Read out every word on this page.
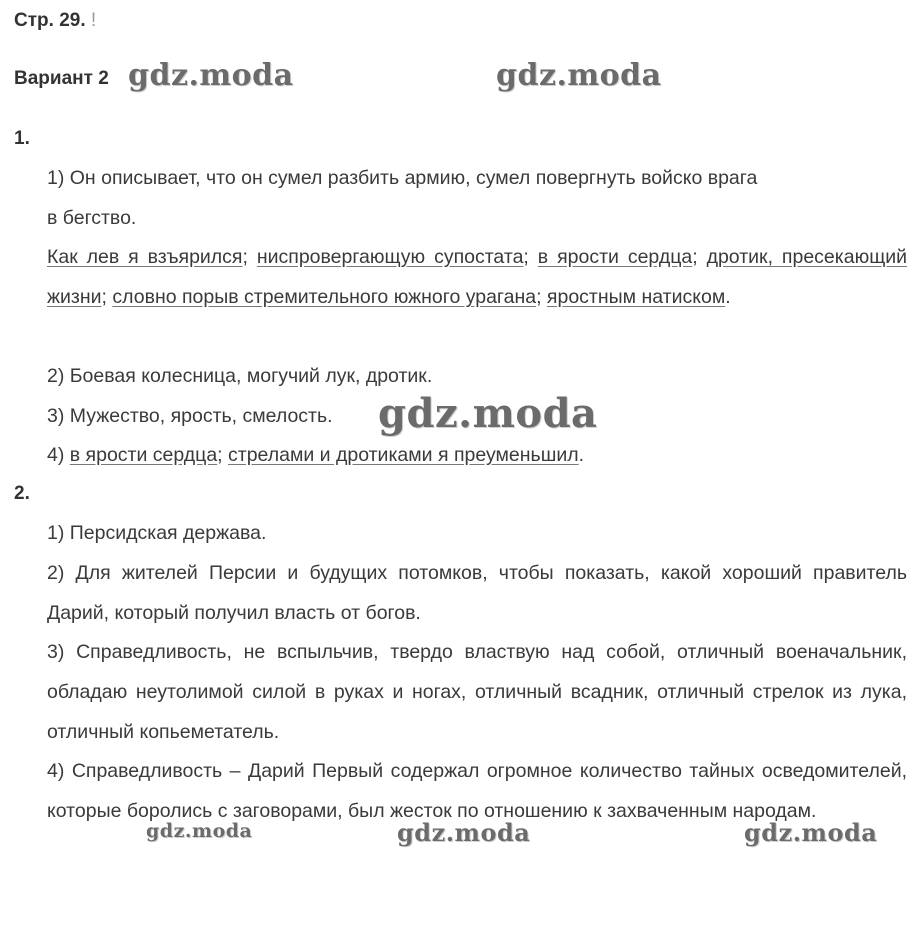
Стр. 29. !

Вариант 2

1.

1) Он описывает, что он сумел разбить армию, сумел повергнуть войско врага
в бегство.
Как лев я взъярился; ниспровергающую супостата; в ярости сердца; дротик, пресекающий жизни; словно порыв стремительного южного урагана; яростным натиском.

2) Боевая колесница, могучий лук, дротик.

3) Мужество, ярость, смелость.

4) в ярости сердца; стрелами и дротиками я преуменьшил.

2.

1) Персидская держава.

2) Для жителей Персии и будущих потомков, чтобы показать, какой хороший правитель Дарий, который получил власть от богов.

3) Справедливость, не вспыльчив, твердо властвую над собой, отличный военачальник, обладаю неутолимой силой в руках и ногах, отличный всадник, отличный стрелок из лука, отличный копьеметатель.

4) Справедливость – Дарий Первый содержал огромное количество тайных осведомителей, которые боролись с заговорами, был жесток по отношению к захваченным народам.

gdz.moda	gdz.moda
gdz.moda
gdz.moda	gdz.moda	gdz.moda
